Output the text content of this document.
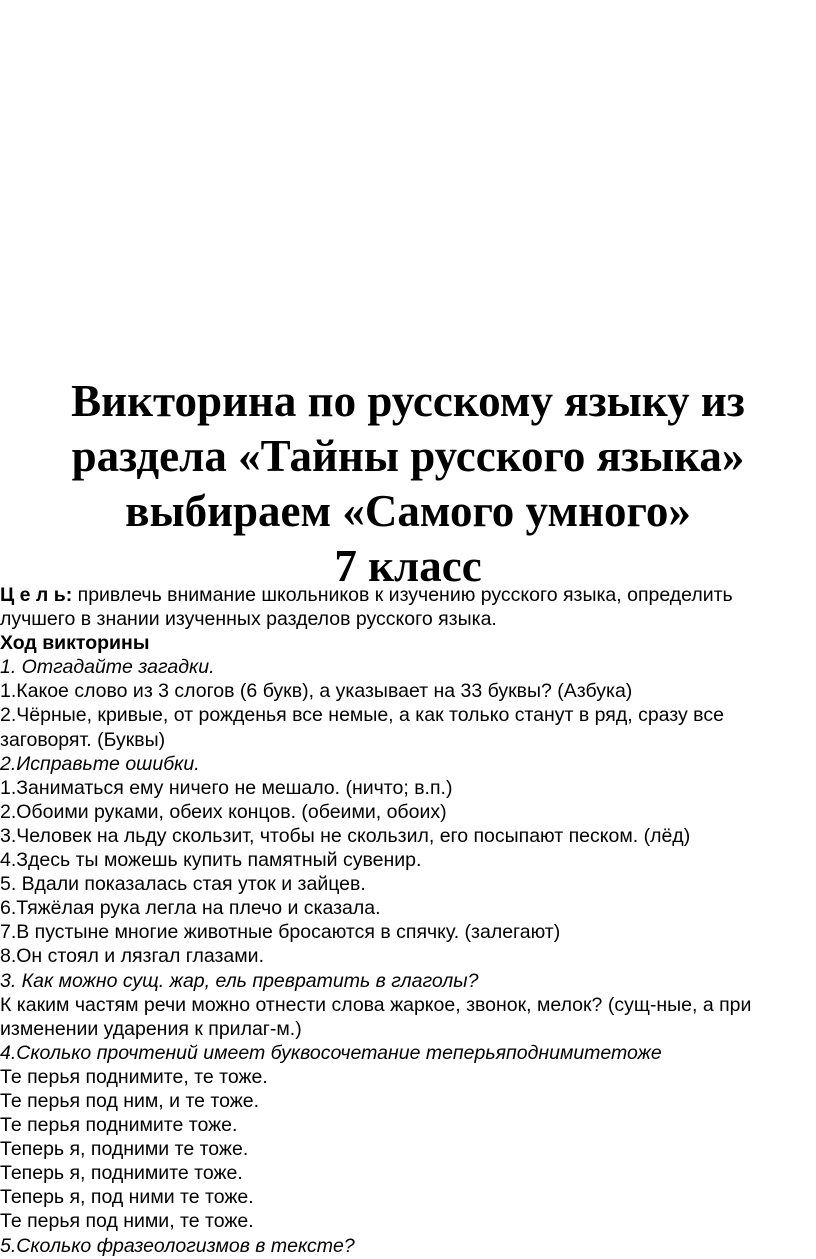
Викторина по русскому языку из
раздела «Тайны русского языка»
выбираем «Самого умного»
7 класс
Ц е л ь: привлечь внимание школьников к изучению русского языка, определить
лучшего в знании изученных разделов русского языка.
Ход викторины
1. Отгадайте загадки.
1.Какое слово из 3 слогов (6 букв), а указывает на 33 буквы? (Азбука)
2.Чёрные, кривые, от рожденья все немые, а как только станут в ряд, сразу все
заговорят. (Буквы)
2.Исправьте ошибки.
1.Заниматься ему ничего не мешало. (ничто; в.п.)
2.Обоими руками, обеих концов. (обеими, обоих)
3.Человек на льду скользит, чтобы не скользил, его посыпают песком. (лёд)
4.Здесь ты можешь купить памятный сувенир.
5. Вдали показалась стая уток и зайцев.
6.Тяжёлая рука легла на плечо и сказала.
7.В пустыне многие животные бросаются в спячку. (залегают)
8.Он стоял и лязгал глазами.
3. Как можно сущ. жар, ель превратить в глаголы?
К каким частям речи можно отнести слова жаркое, звонок, мелок? (сущ-ные, а при
изменении ударения к прилаг-м.)
4.Сколько прочтений имеет буквосочетание теперьяподнимитетоже
Те перья поднимите, те тоже.
Те перья под ним, и те тоже.
Те перья поднимите тоже.
Теперь я, подними те тоже.
Теперь я, поднимите тоже.
Теперь я, под ними те тоже.
Те перья под ними, те тоже.
5.Сколько фразеологизмов в тексте?
